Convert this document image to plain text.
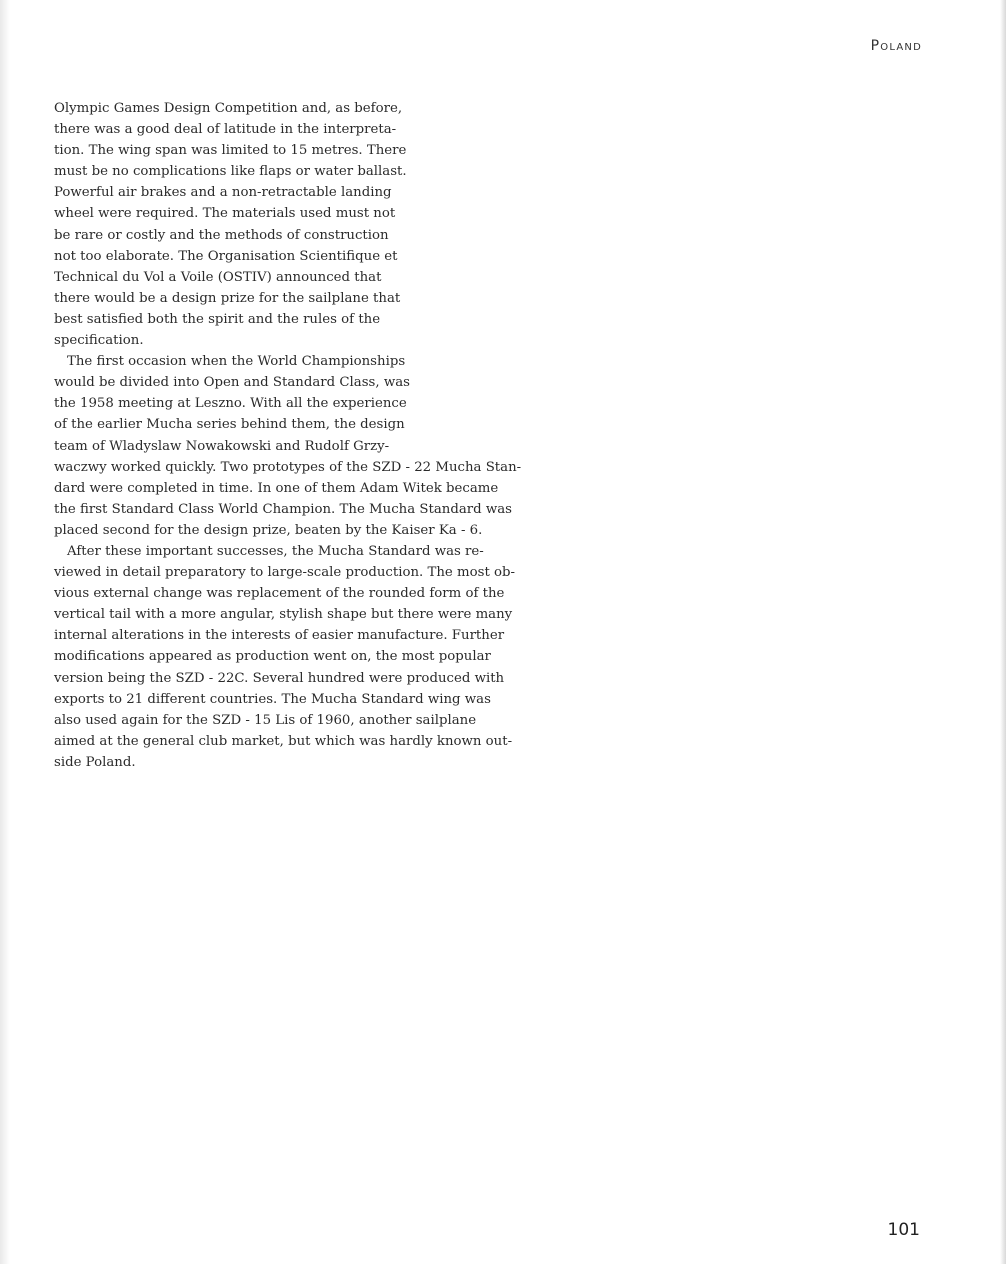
Poland

Olympic Games Design Competition and, as before,
there was a good deal of latitude in the interpreta-
tion. The wing span was limited to 15 metres. There
must be no complications like flaps or water ballast.
Powerful air brakes and a non-retractable landing
wheel were required. The materials used must not
be rare or costly and the methods of construction
not too elaborate. The Organisation Scientifique et
Technical du Vol a Voile (OSTIV) announced that
there would be a design prize for the sailplane that
best satisfied both the spirit and the rules of the
specification.

The first occasion when the World Championships
would be divided into Open and Standard Class, was
the 1958 meeting at Leszno. With all the experience
of the earlier Mucha series behind them, the design
team of Wladyslaw Nowakowski and Rudolf Grzy-
waczwy worked quickly. Two prototypes of the SZD - 22 Mucha Stan-
dard were completed in time. In one of them Adam Witek became
the first Standard Class World Champion. The Mucha Standard was
placed second for the design prize, beaten by the Kaiser Ka - 6.

After these important successes, the Mucha Standard was re-
viewed in detail preparatory to large-scale production. The most ob-
vious external change was replacement of the rounded form of the
vertical tail with a more angular, stylish shape but there were many
internal alterations in the interests of easier manufacture. Further
modifications appeared as production went on, the most popular
version being the SZD - 22C. Several hundred were produced with
exports to 21 different countries. The Mucha Standard wing was
also used again for the SZD - 15 Lis of 1960, another sailplane
aimed at the general club market, but which was hardly known out-
side Poland.

101
